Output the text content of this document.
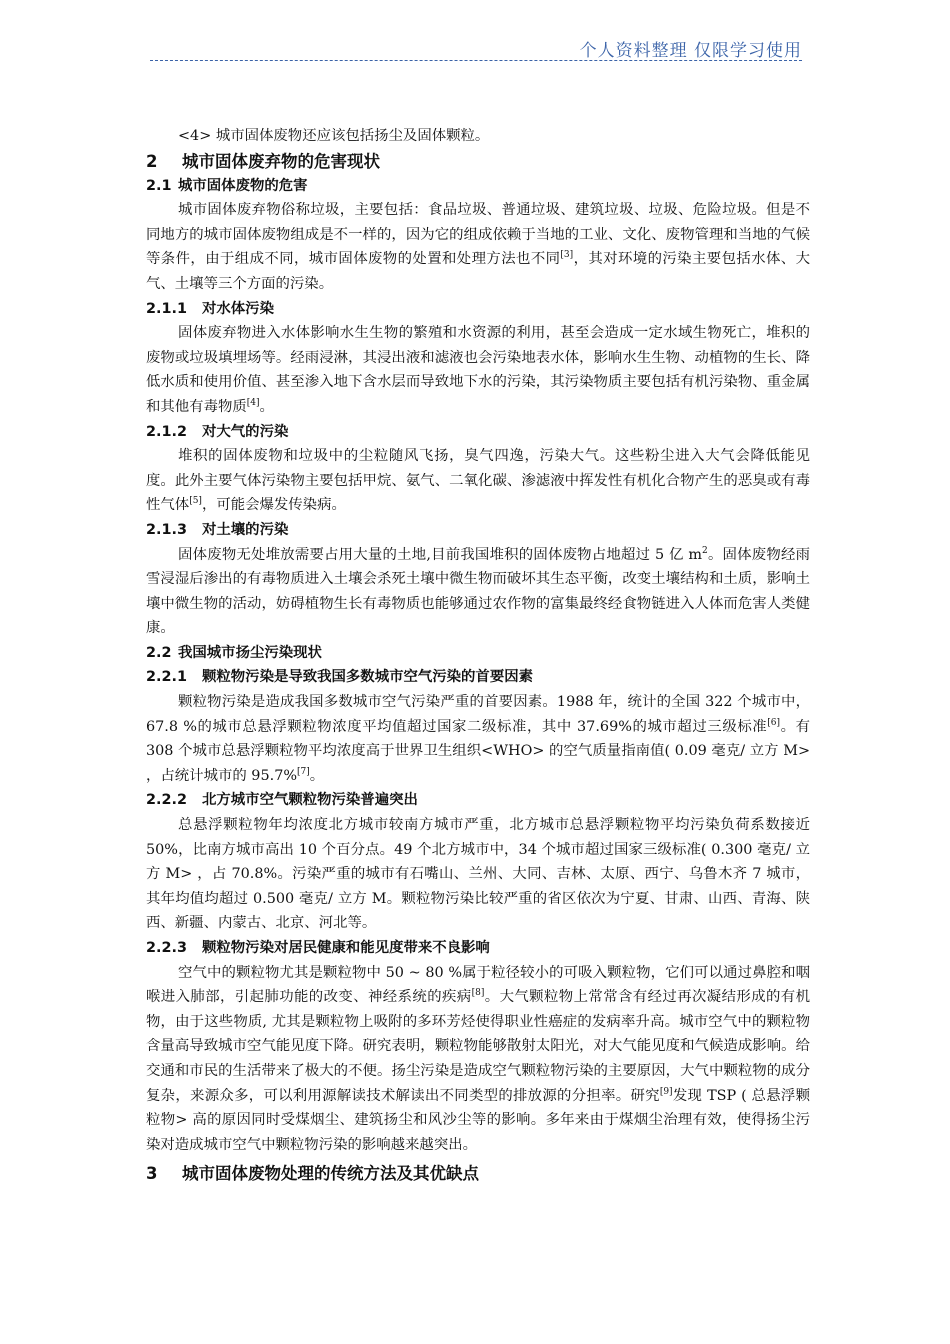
个人资料整理 仅限学习使用

<4> 城市固体废物还应该包括扬尘及固体颗粒。

2 城市固体废弃物的危害现状
2.1 城市固体废物的危害

城市固体废弃物俗称垃圾，主要包括：食品垃圾、普通垃圾、建筑垃圾、垃圾、危险垃圾。但是不同地方的城市固体废物组成是不一样的，因为它的组成依赖于当地的工业、文化、废物管理和当地的气候等条件，由于组成不同，城市固体废物的处置和处理方法也不同[3]，其对环境的污染主要包括水体、大气、土壤等三个方面的污染。

2.1.1 对水体污染

固体废弃物进入水体影响水生生物的繁殖和水资源的利用，甚至会造成一定水域生物死亡，堆积的废物或垃圾填埋场等。经雨浸淋，其浸出液和滤液也会污染地表水体，影响水生生物、动植物的生长、降低水质和使用价值、甚至渗入地下含水层而导致地下水的污染，其污染物质主要包括有机污染物、重金属和其他有毒物质[4]。

2.1.2 对大气的污染

堆积的固体废物和垃圾中的尘粒随风飞扬，臭气四逸，污染大气。这些粉尘进入大气会降低能见度。此外主要气体污染物主要包括甲烷、氨气、二氧化碳、渗滤液中挥发性有机化合物产生的恶臭或有毒性气体[5]，可能会爆发传染病。

2.1.3 对土壤的污染

固体废物无处堆放需要占用大量的土地,目前我国堆积的固体废物占地超过 5 亿 $m^2$。固体废物经雨雪浸湿后渗出的有毒物质进入土壤会杀死土壤中微生物而破坏其生态平衡，改变土壤结构和土质，影响土壤中微生物的活动，妨碍植物生长有毒物质也能够通过农作物的富集最终经食物链进入人体而危害人类健康。

2.2 我国城市扬尘污染现状
2.2.1 颗粒物污染是导致我国多数城市空气污染的首要因素

颗粒物污染是造成我国多数城市空气污染严重的首要因素。1988 年，统计的全国 322 个城市中，67.8 %的城市总悬浮颗粒物浓度平均值超过国家二级标准，其中 37.69%的城市超过三级标准[6]。有 308 个城市总悬浮颗粒物平均浓度高于世界卫生组织<WHO> 的空气质量指南值( 0.09 毫克/ 立方 M> ，占统计城市的 95.7%[7]。

2.2.2 北方城市空气颗粒物污染普遍突出

总悬浮颗粒物年均浓度北方城市较南方城市严重，北方城市总悬浮颗粒物平均污染负荷系数接近 50%，比南方城市高出 10 个百分点。49 个北方城市中，34 个城市超过国家三级标准( 0.300 毫克/ 立方 M> ，占 70.8%。污染严重的城市有石嘴山、兰州、大同、吉林、太原、西宁、乌鲁木齐 7 城市，其年均值均超过 0.500 毫克/ 立方 M。颗粒物污染比较严重的省区依次为宁夏、甘肃、山西、青海、陕西、新疆、内蒙古、北京、河北等。

2.2.3 颗粒物污染对居民健康和能见度带来不良影响

空气中的颗粒物尤其是颗粒物中 50 ~ 80 %属于粒径较小的可吸入颗粒物，它们可以通过鼻腔和咽喉进入肺部，引起肺功能的改变、神经系统的疾病[8]。大气颗粒物上常常含有经过再次凝结形成的有机物，由于这些物质, 尤其是颗粒物上吸附的多环芳烃使得职业性癌症的发病率升高。城市空气中的颗粒物含量高导致城市空气能见度下降。研究表明，颗粒物能够散射太阳光，对大气能见度和气候造成影响。给交通和市民的生活带来了极大的不便。扬尘污染是造成空气颗粒物污染的主要原因，大气中颗粒物的成分复杂，来源众多，可以利用源解读技术解读出不同类型的排放源的分担率。研究[9]发现 TSP ( 总悬浮颗粒物> 高的原因同时受煤烟尘、建筑扬尘和风沙尘等的影响。多年来由于煤烟尘治理有效，使得扬尘污染对造成城市空气中颗粒物污染的影响越来越突出。

3 城市固体废物处理的传统方法及其优缺点
